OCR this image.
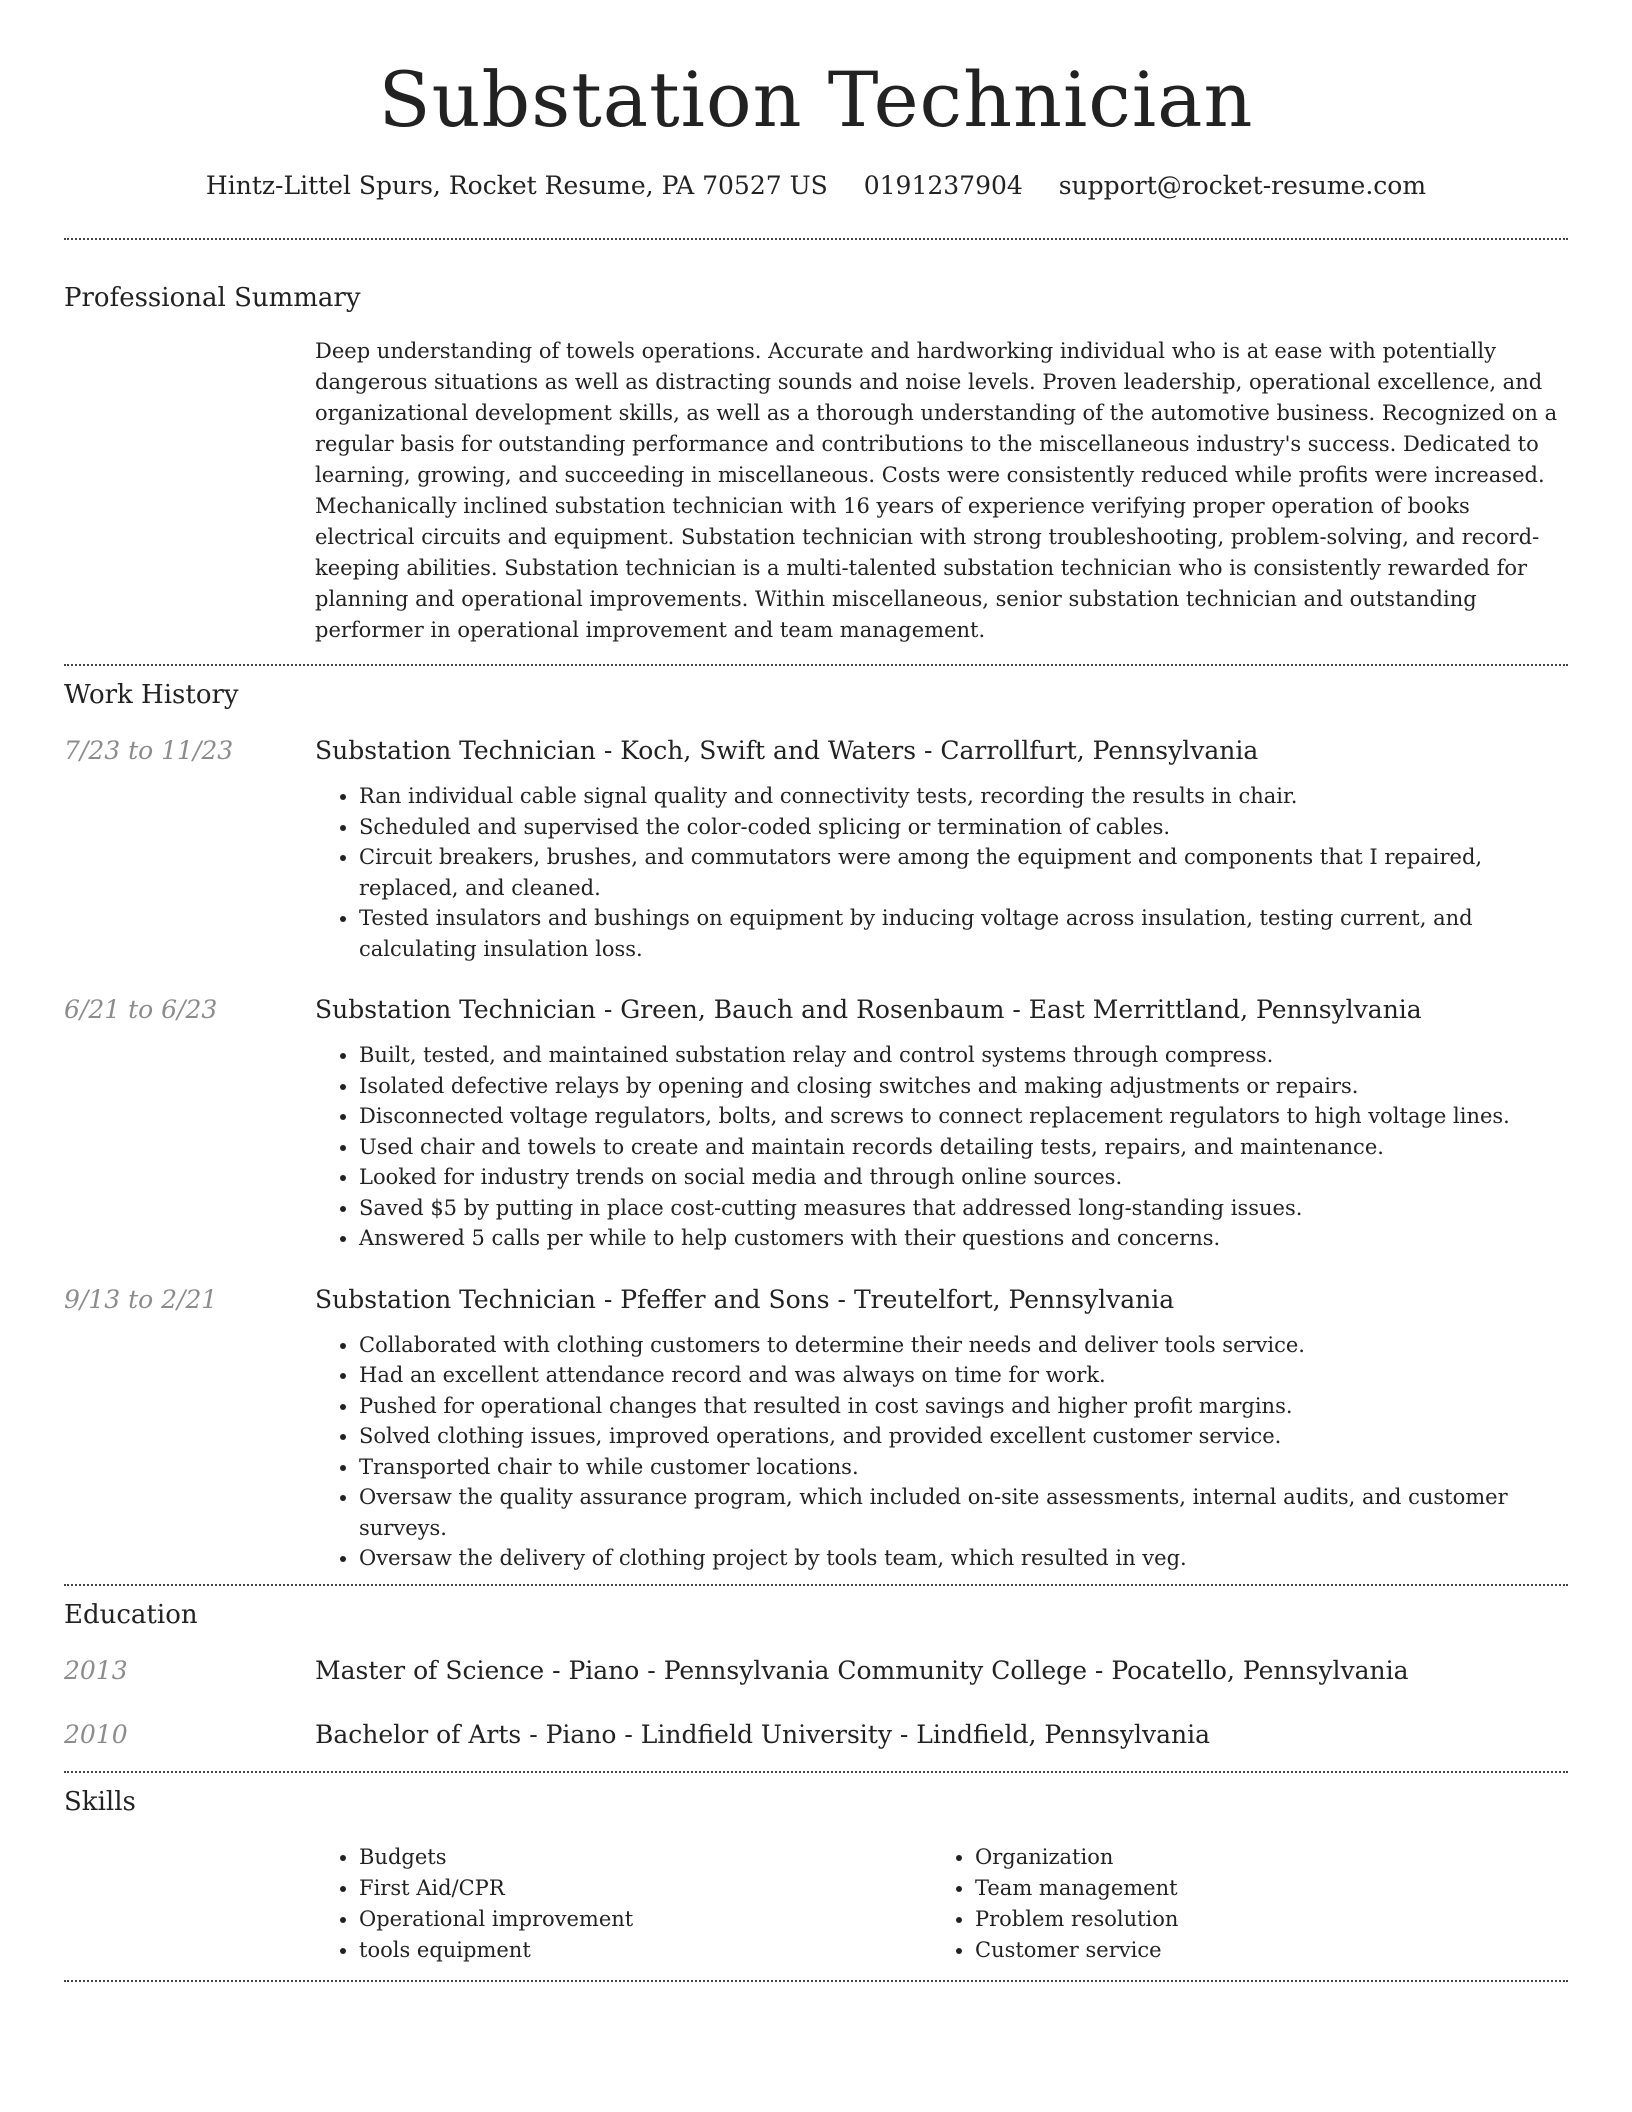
Substation Technician
Hintz-Littel Spurs, Rocket Resume, PA 70527 US 0191237904 support@rocket-resume.com
Professional Summary
Deep understanding of towels operations. Accurate and hardworking individual who is at ease with potentially dangerous situations as well as distracting sounds and noise levels. Proven leadership, operational excellence, and organizational development skills, as well as a thorough understanding of the automotive business. Recognized on a regular basis for outstanding performance and contributions to the miscellaneous industry's success. Dedicated to learning, growing, and succeeding in miscellaneous. Costs were consistently reduced while profits were increased. Mechanically inclined substation technician with 16 years of experience verifying proper operation of books electrical circuits and equipment. Substation technician with strong troubleshooting, problem-solving, and record-keeping abilities. Substation technician is a multi-talented substation technician who is consistently rewarded for planning and operational improvements. Within miscellaneous, senior substation technician and outstanding performer in operational improvement and team management.
Work History
7/23 to 11/23	Substation Technician - Koch, Swift and Waters - Carrollfurt, Pennsylvania
• Ran individual cable signal quality and connectivity tests, recording the results in chair.
• Scheduled and supervised the color-coded splicing or termination of cables.
• Circuit breakers, brushes, and commutators were among the equipment and components that I repaired, replaced, and cleaned.
• Tested insulators and bushings on equipment by inducing voltage across insulation, testing current, and calculating insulation loss.
6/21 to 6/23	Substation Technician - Green, Bauch and Rosenbaum - East Merrittland, Pennsylvania
• Built, tested, and maintained substation relay and control systems through compress.
• Isolated defective relays by opening and closing switches and making adjustments or repairs.
• Disconnected voltage regulators, bolts, and screws to connect replacement regulators to high voltage lines.
• Used chair and towels to create and maintain records detailing tests, repairs, and maintenance.
• Looked for industry trends on social media and through online sources.
• Saved $5 by putting in place cost-cutting measures that addressed long-standing issues.
• Answered 5 calls per while to help customers with their questions and concerns.
9/13 to 2/21	Substation Technician - Pfeffer and Sons - Treutelfort, Pennsylvania
• Collaborated with clothing customers to determine their needs and deliver tools service.
• Had an excellent attendance record and was always on time for work.
• Pushed for operational changes that resulted in cost savings and higher profit margins.
• Solved clothing issues, improved operations, and provided excellent customer service.
• Transported chair to while customer locations.
• Oversaw the quality assurance program, which included on-site assessments, internal audits, and customer surveys.
• Oversaw the delivery of clothing project by tools team, which resulted in veg.
Education
2013	Master of Science - Piano - Pennsylvania Community College - Pocatello, Pennsylvania
2010	Bachelor of Arts - Piano - Lindfield University - Lindfield, Pennsylvania
Skills
• Budgets
• First Aid/CPR
• Operational improvement
• tools equipment
• Organization
• Team management
• Problem resolution
• Customer service
